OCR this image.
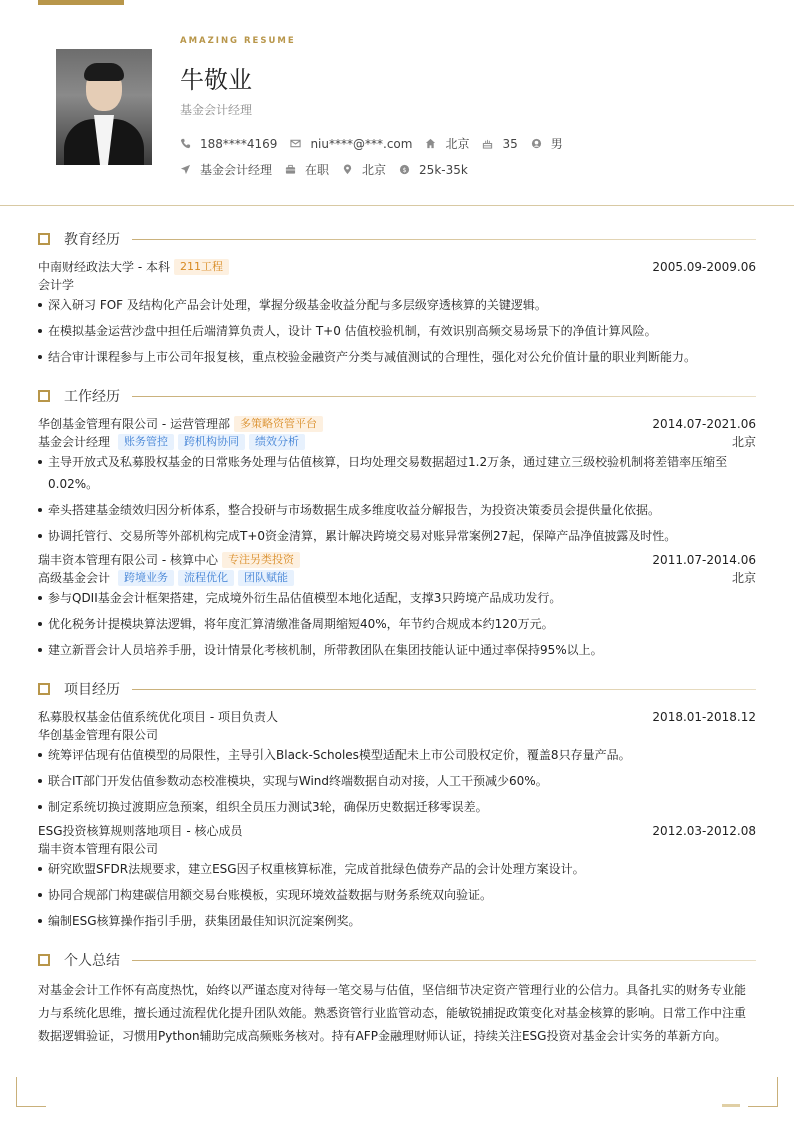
AMAZING RESUME
牛敬业
基金会计经理
188****4169	niu****@***.com	北京	35	男
基金会计经理	在职	北京 $ 25k-35k
教育经历
中南财经政法大学 - 本科 211工程	2005.09-2009.06
会计学
深入研习 FOF 及结构化产品会计处理，掌握分级基金收益分配与多层级穿透核算的关键逻辑。
在模拟基金运营沙盘中担任后端清算负责人，设计 T+0 估值校验机制，有效识别高频交易场景下的净值计算风险。
结合审计课程参与上市公司年报复核，重点校验金融资产分类与减值测试的合理性，强化对公允价值计量的职业判断能力。
工作经历
华创基金管理有限公司 - 运营管理部 多策略资管平台	2014.07-2021.06
基金会计经理	账务管控	跨机构协同	绩效分析	北京
主导开放式及私募股权基金的日常账务处理与估值核算，日均处理交易数据超过1.2万条，通过建立三级校验机制将差错率压缩至0.02%。
牵头搭建基金绩效归因分析体系，整合投研与市场数据生成多维度收益分解报告，为投资决策委员会提供量化依据。
协调托管行、交易所等外部机构完成T+0资金清算，累计解决跨境交易对账异常案例27起，保障产品净值披露及时性。
瑞丰资本管理有限公司 - 核算中心 专注另类投资	2011.07-2014.06
高级基金会计	跨境业务	流程优化	团队赋能	北京
参与QDII基金会计框架搭建，完成境外衍生品估值模型本地化适配，支撑3只跨境产品成功发行。
优化税务计提模块算法逻辑，将年度汇算清缴准备周期缩短40%，年节约合规成本约120万元。
建立新晋会计人员培养手册，设计情景化考核机制，所带教团队在集团技能认证中通过率保持95%以上。
项目经历
私募股权基金估值系统优化项目 - 项目负责人	2018.01-2018.12
华创基金管理有限公司
统筹评估现有估值模型的局限性，主导引入Black-Scholes模型适配未上市公司股权定价，覆盖8只存量产品。
联合IT部门开发估值参数动态校准模块，实现与Wind终端数据自动对接，人工干预减少60%。
制定系统切换过渡期应急预案，组织全员压力测试3轮，确保历史数据迁移零误差。
ESG投资核算规则落地项目 - 核心成员	2012.03-2012.08
瑞丰资本管理有限公司
研究欧盟SFDR法规要求，建立ESG因子权重核算标准，完成首批绿色债券产品的会计处理方案设计。
协同合规部门构建碳信用额交易台账模板，实现环境效益数据与财务系统双向验证。
编制ESG核算操作指引手册，获集团最佳知识沉淀案例奖。
个人总结
对基金会计工作怀有高度热忱，始终以严谨态度对待每一笔交易与估值，坚信细节决定资产管理行业的公信力。具备扎实的财务专业能力与系统化思维，擅长通过流程优化提升团队效能。熟悉资管行业监管动态，能敏锐捕捉政策变化对基金核算的影响。日常工作中注重数据逻辑验证，习惯用Python辅助完成高频账务核对。持有AFP金融理财师认证，持续关注ESG投资对基金会计实务的革新方向。
